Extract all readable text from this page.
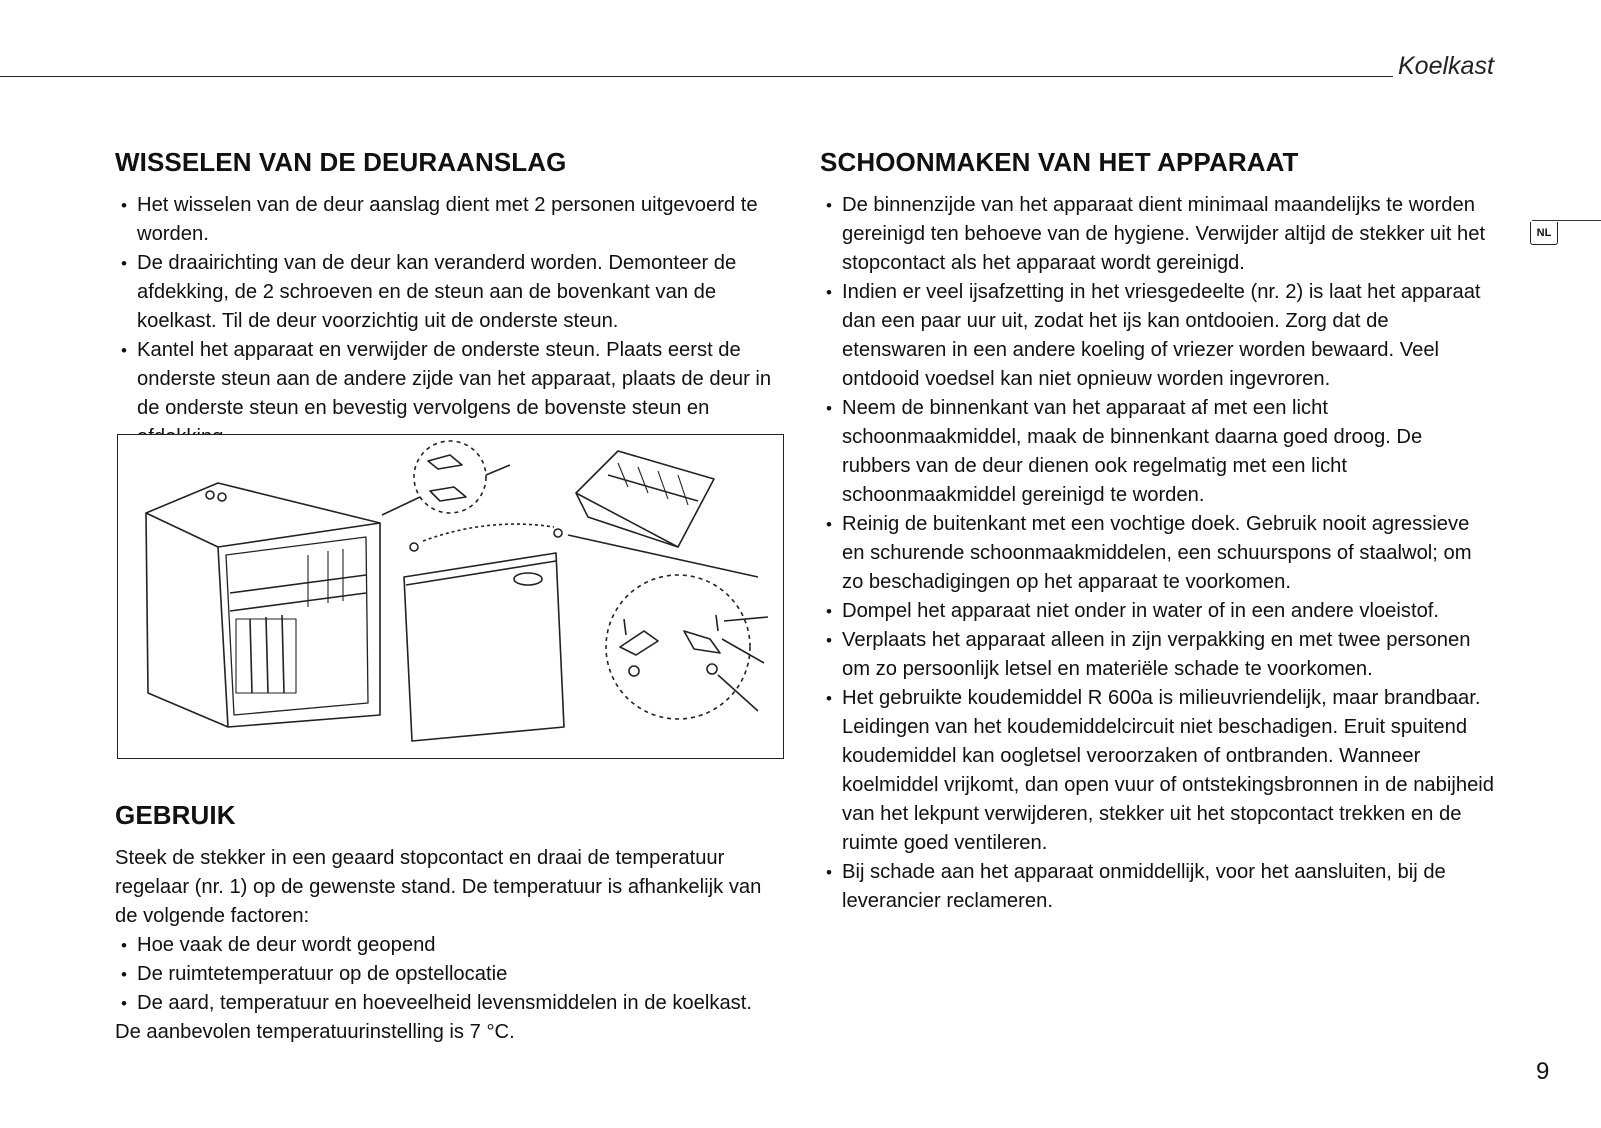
Koelkast
NL
WISSELEN VAN DE DEURAANSLAG
• Het wisselen van de deur aanslag dient met 2 personen uitgevoerd te worden.
• De draairichting van de deur kan veranderd worden. Demonteer de afdekking, de 2 schroeven en de steun aan de bovenkant van de koelkast. Til de deur voorzichtig uit de onderste steun.
• Kantel het apparaat en verwijder de onderste steun. Plaats eerst de onderste steun aan de andere zijde van het apparaat, plaats de deur in de onderste steun en bevestig vervolgens de bovenste steun en
GEBRUIK

Steek de stekker in een geaard stopcontact en draai de temperatuur regelaar (nr. 1) op de gewenste stand. De temperatuur is afhankelijk van de volgende factoren:

• Hoe vaak de deur wordt geopend
• De ruimtetemperatuur op de opstellocatie
• De aard, temperatuur en hoeveelheid levensmiddelen in de koelkast.

De aanbevolen temperatuurinstelling is 7 °C.

SCHOONMAKEN VAN HET APPARAAT
• De binnenzijde van het apparaat dient minimaal maandelijks te worden gereinigd ten behoeve van de hygiene. Verwijder altijd de stekker uit het stopcontact als het apparaat wordt gereinigd.
• Indien er veel ijsafzetting in het vriesgedeelte (nr. 2) is laat het apparaat dan een paar uur uit, zodat het ijs kan ontdooien. Zorg dat de etenswaren in een andere koeling of vriezer worden bewaard. Veel ontdooid voedsel kan niet opnieuw worden ingevroren.
• Neem de binnenkant van het apparaat af met een licht schoonmaakmiddel, maak de binnenkant daarna goed droog. De rubbers van de deur dienen ook regelmatig met een licht schoonmaakmiddel gereinigd te worden.
• Reinig de buitenkant met een vochtige doek. Gebruik nooit agressieve en schurende schoonmaakmiddelen, een schuurspons of staalwol; om zo beschadigingen op het apparaat te voorkomen.
• Dompel het apparaat niet onder in water of in een andere vloeistof.
• Verplaats het apparaat alleen in zijn verpakking en met twee personen om zo persoonlijk letsel en materiële schade te voorkomen.
• Het gebruikte koudemiddel R 600a is milieuvriendelijk, maar brandbaar. Leidingen van het koudemiddelcircuit niet beschadigen. Eruit spuitend koudemiddel kan oogletsel veroorzaken of ontbranden. Wanneer koelmiddel vrijkomt, dan open vuur of ontstekingsbronnen in de nabijheid van het lekpunt verwijderen, stekker uit het stopcontact trekken en de ruimte goed ventileren.
• Bij schade aan het apparaat onmiddellijk, voor het aansluiten, bij de leverancier reclameren.
9
